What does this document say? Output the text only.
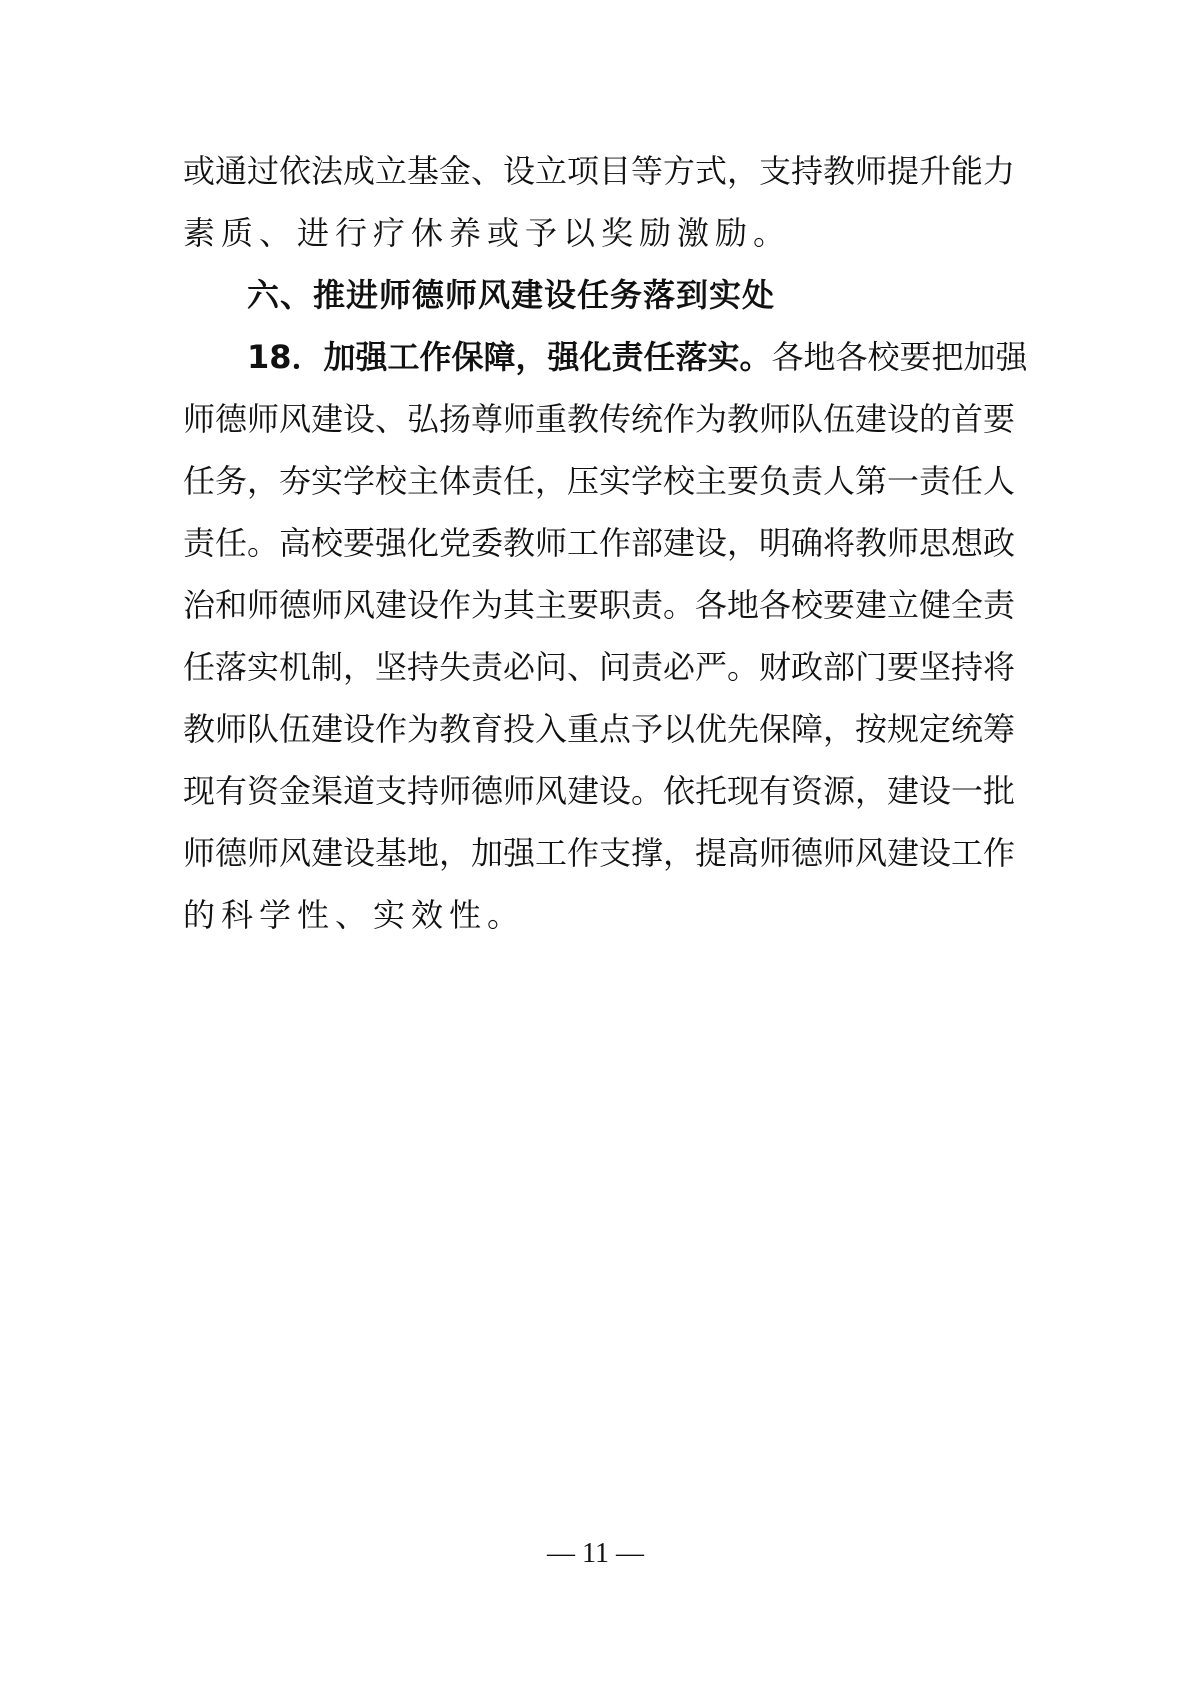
或通过依法成立基金、设立项目等方式，支持教师提升能力
素质、进行疗休养或予以奖励激励。
六、推进师德师风建设任务落到实处
18．加强工作保障，强化责任落实。各地各校要把加强
师德师风建设、弘扬尊师重教传统作为教师队伍建设的首要
任务，夯实学校主体责任，压实学校主要负责人第一责任人
责任。高校要强化党委教师工作部建设，明确将教师思想政
治和师德师风建设作为其主要职责。各地各校要建立健全责
任落实机制，坚持失责必问、问责必严。财政部门要坚持将
教师队伍建设作为教育投入重点予以优先保障，按规定统筹
现有资金渠道支持师德师风建设。依托现有资源，建设一批
师德师风建设基地，加强工作支撑，提高师德师风建设工作
的科学性、实效性。
— 11 —
